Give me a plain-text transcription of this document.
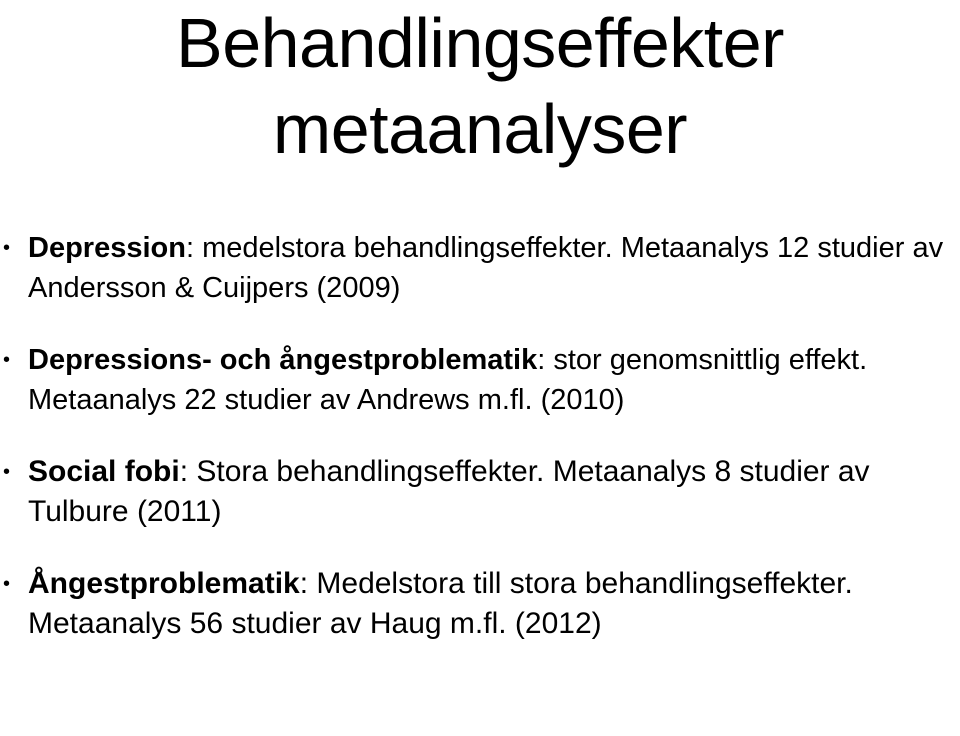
Behandlingseffekter
metaanalyser
• Depression: medelstora behandlingseffekter. Metaanalys 12 studier av Andersson & Cuijpers (2009)
• Depressions- och ångestproblematik: stor genomsnittlig effekt. Metaanalys 22 studier av Andrews m.fl. (2010)
• Social fobi: Stora behandlingseffekter. Metaanalys 8 studier av Tulbure (2011)
• Ångestproblematik: Medelstora till stora behandlingseffekter. Metaanalys 56 studier av Haug m.fl. (2012)
